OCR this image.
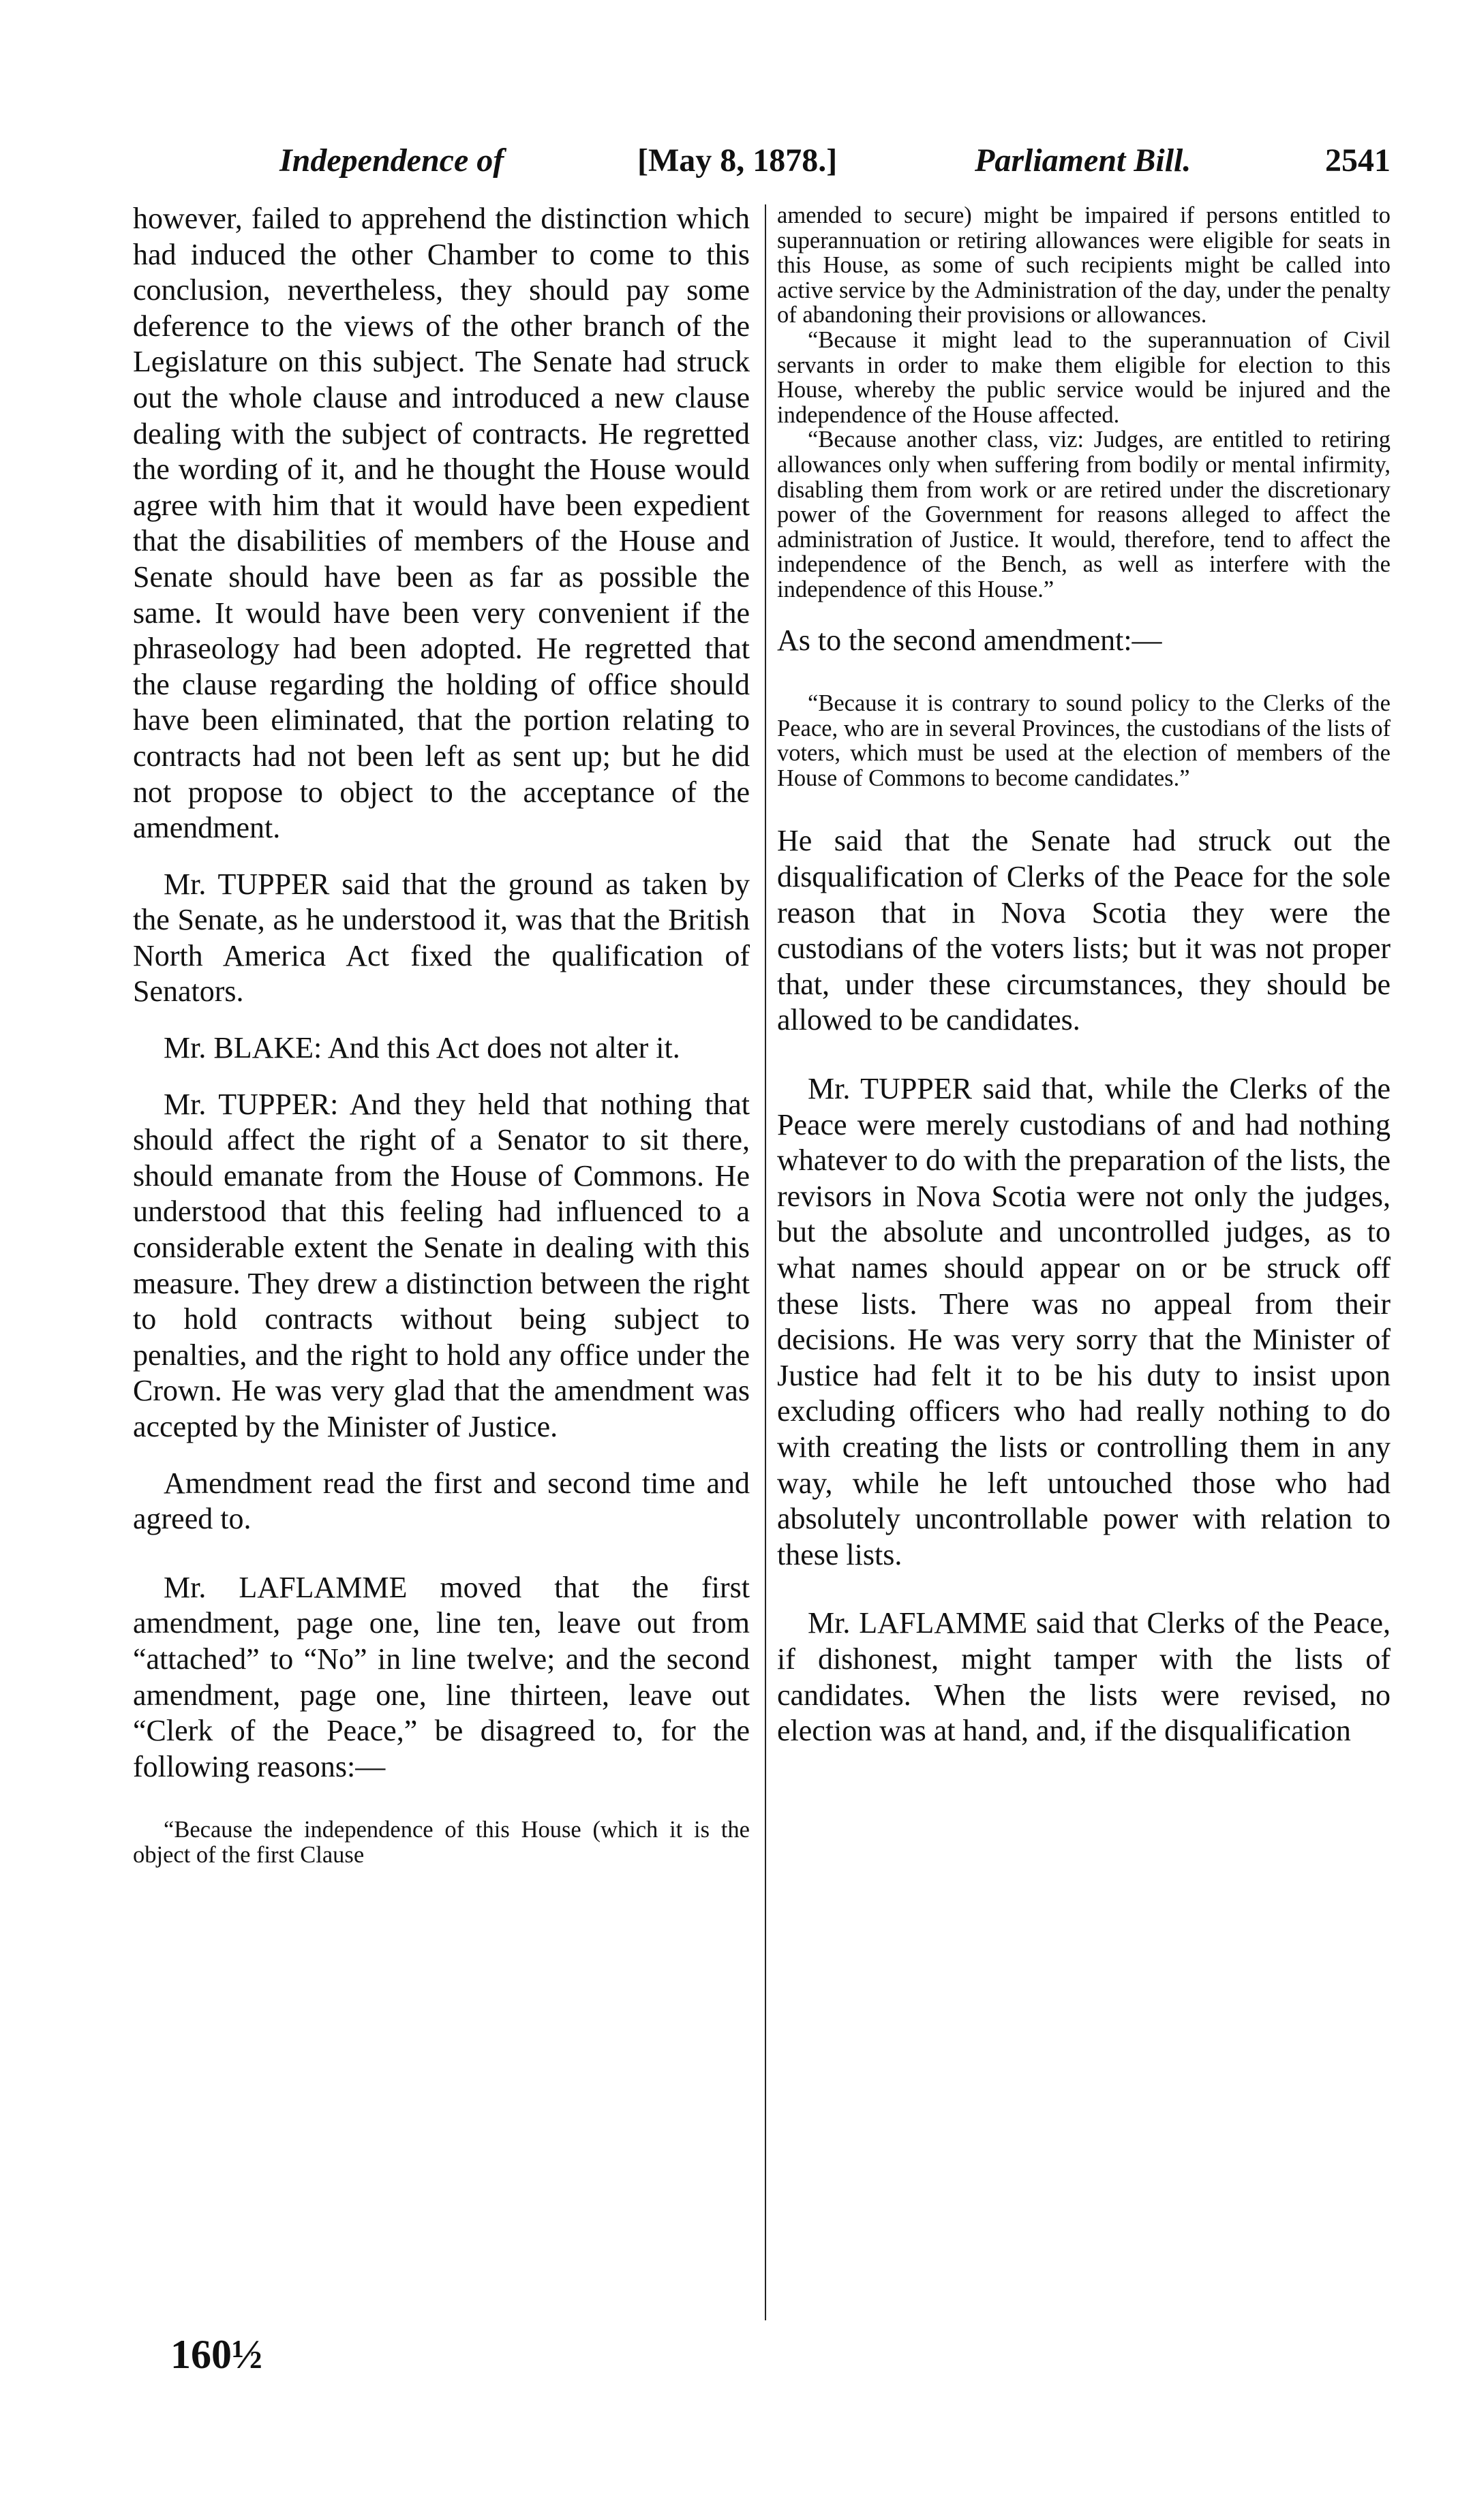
Independence of	[May 8, 1878.]	Parliament Bill.	2541

however, failed to apprehend the distinction which had induced the other Chamber to come to this conclusion, nevertheless, they should pay some deference to the views of the other branch of the Legislature on this subject. The Senate had struck out the whole clause and introduced a new clause dealing with the subject of contracts. He regretted the wording of it, and he thought the House would agree with him that it would have been expedient that the disabilities of members of the House and Senate should have been as far as possible the same. It would have been very convenient if the phraseology had been adopted. He regretted that the clause regarding the holding of office should have been eliminated, that the portion relating to contracts had not been left as sent up; but he did not propose to object to the acceptance of the amendment.

Mr. TUPPER said that the ground as taken by the Senate, as he understood it, was that the British North America Act fixed the qualification of Senators.

Mr. BLAKE: And this Act does not alter it.

Mr. TUPPER: And they held that nothing that should affect the right of a Senator to sit there, should emanate from the House of Commons. He understood that this feeling had influenced to a considerable extent the Senate in dealing with this measure. They drew a distinction between the right to hold contracts without being subject to penalties, and the right to hold any office under the Crown. He was very glad that the amendment was accepted by the Minister of Justice.

Amendment read the first and second time and agreed to.

Mr. LAFLAMME moved that the first amendment, page one, line ten, leave out from “attached” to “No” in line twelve; and the second amendment, page one, line thirteen, leave out “Clerk of the Peace,” be disagreed to, for the following reasons:—

“Because the independence of this House (which it is the object of the first Clause

amended to secure) might be impaired if persons entitled to superannuation or retiring allowances were eligible for seats in this House, as some of such recipients might be called into active service by the Administration of the day, under the penalty of abandoning their provisions or allowances.

“Because it might lead to the superannuation of Civil servants in order to make them eligible for election to this House, whereby the public service would be injured and the independence of the House affected.

“Because another class, viz: Judges, are entitled to retiring allowances only when suffering from bodily or mental infirmity, disabling them from work or are retired under the discretionary power of the Government for reasons alleged to affect the administration of Justice. It would, therefore, tend to affect the independence of the Bench, as well as interfere with the independence of this House.”

As to the second amendment:—

“Because it is contrary to sound policy to the Clerks of the Peace, who are in several Provinces, the custodians of the lists of voters, which must be used at the election of members of the House of Commons to become candidates.”

He said that the Senate had struck out the disqualification of Clerks of the Peace for the sole reason that in Nova Scotia they were the custodians of the voters lists; but it was not proper that, under these circumstances, they should be allowed to be candidates.

Mr. TUPPER said that, while the Clerks of the Peace were merely custodians of and had nothing whatever to do with the preparation of the lists, the revisors in Nova Scotia were not only the judges, but the absolute and uncontrolled judges, as to what names should appear on or be struck off these lists. There was no appeal from their decisions. He was very sorry that the Minister of Justice had felt it to be his duty to insist upon excluding officers who had really nothing to do with creating the lists or controlling them in any way, while he left untouched those who had absolutely uncontrollable power with relation to these lists.

Mr. LAFLAMME said that Clerks of the Peace, if dishonest, might tamper with the lists of candidates. When the lists were revised, no election was at hand, and, if the disqualification

160½
